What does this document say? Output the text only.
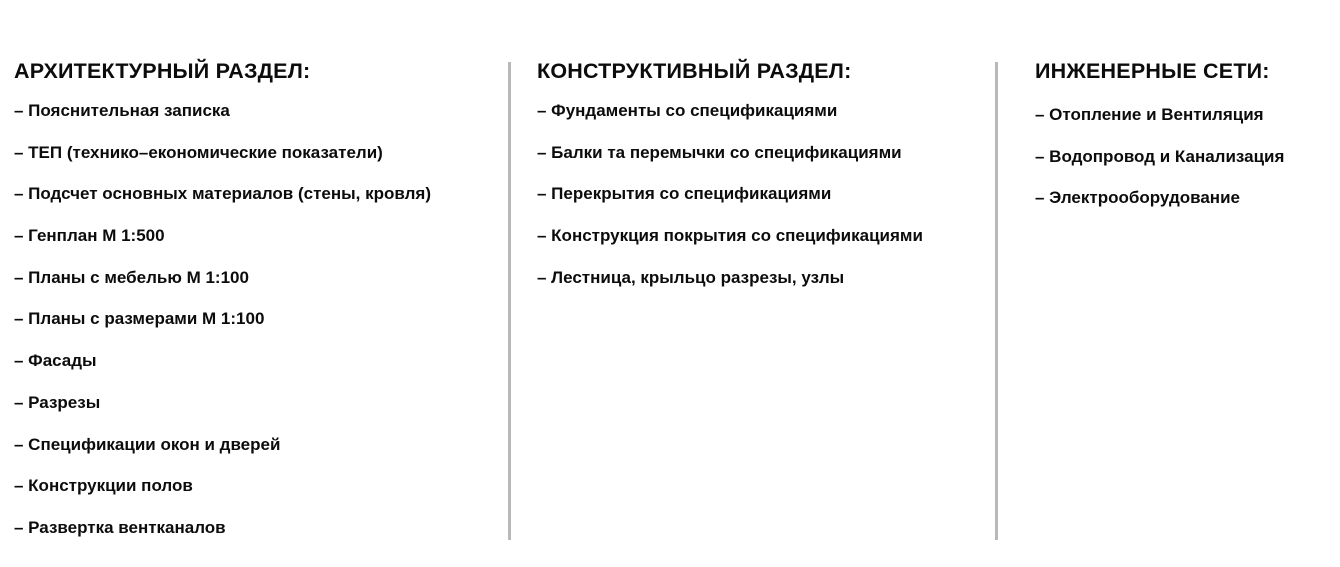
АРХИТЕКТУРНЫЙ РАЗДЕЛ:
– Пояснительная записка
– ТЕП (технико–економические показатели)
– Подсчет основных материалов (стены, кровля)
– Генплан М 1:500
– Планы с мебелью М 1:100
– Планы с размерами М 1:100
– Фасады
– Разрезы
– Спецификации окон и дверей
– Конструкции полов
– Развертка вентканалов
КОНСТРУКТИВНЫЙ РАЗДЕЛ:
– Фундаменты со спецификациями
– Балки та перемычки со спецификациями
– Перекрытия со спецификациями
– Конструкция покрытия со спецификациями
– Лестница, крыльцо разрезы, узлы
ИНЖЕНЕРНЫЕ СЕТИ:
– Отопление и Вентиляция
– Водопровод и Канализация
– Электрооборудование
